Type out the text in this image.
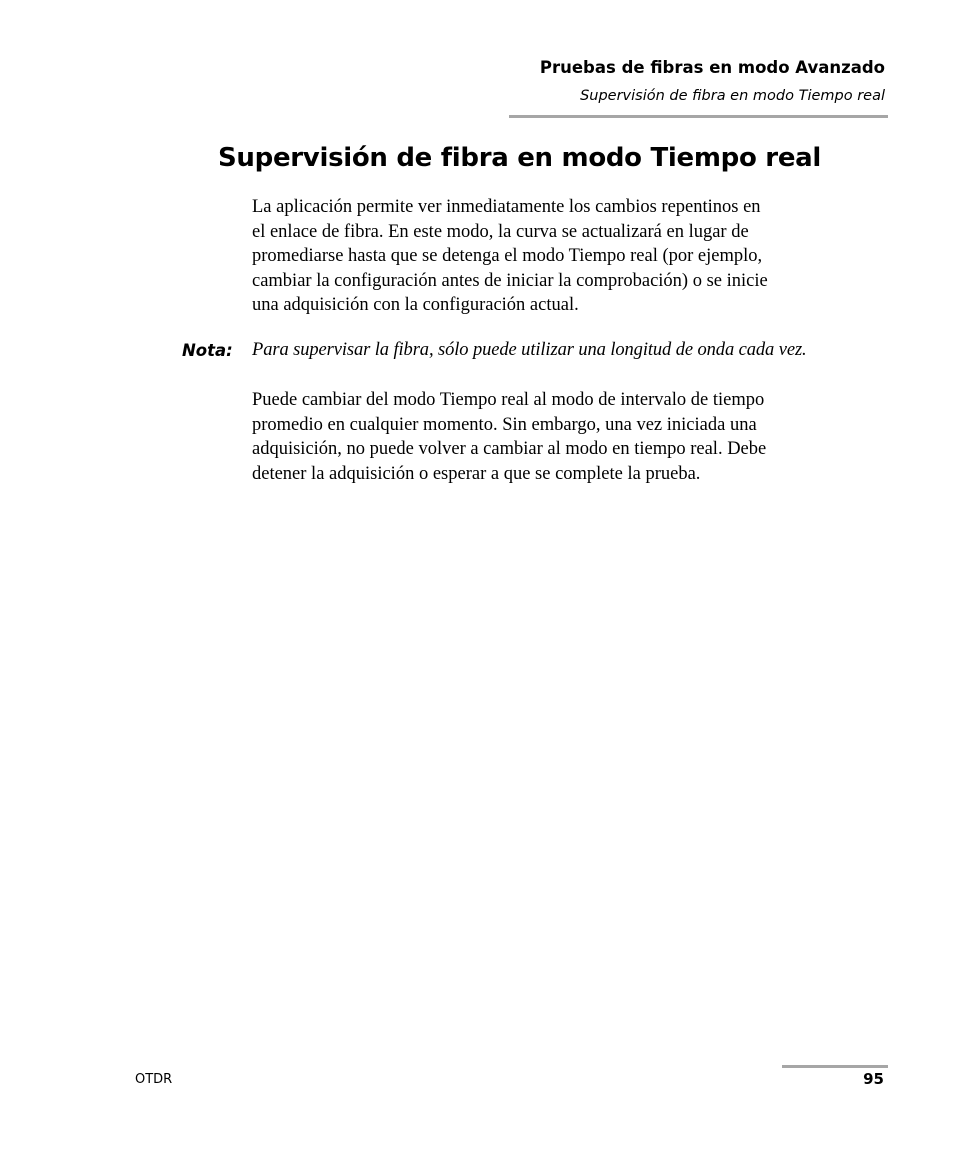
Pruebas de fibras en modo Avanzado
Supervisión de fibra en modo Tiempo real
Supervisión de fibra en modo Tiempo real

La aplicación permite ver inmediatamente los cambios repentinos en
el enlace de fibra. En este modo, la curva se actualizará en lugar de
promediarse hasta que se detenga el modo Tiempo real (por ejemplo,
cambiar la configuración antes de iniciar la comprobación) o se inicie
una adquisición con la configuración actual.

Nota: Para supervisar la fibra, sólo puede utilizar una longitud de onda cada vez.

Puede cambiar del modo Tiempo real al modo de intervalo de tiempo
promedio en cualquier momento. Sin embargo, una vez iniciada una
adquisición, no puede volver a cambiar al modo en tiempo real. Debe
detener la adquisición o esperar a que se complete la prueba.

OTDR	95
